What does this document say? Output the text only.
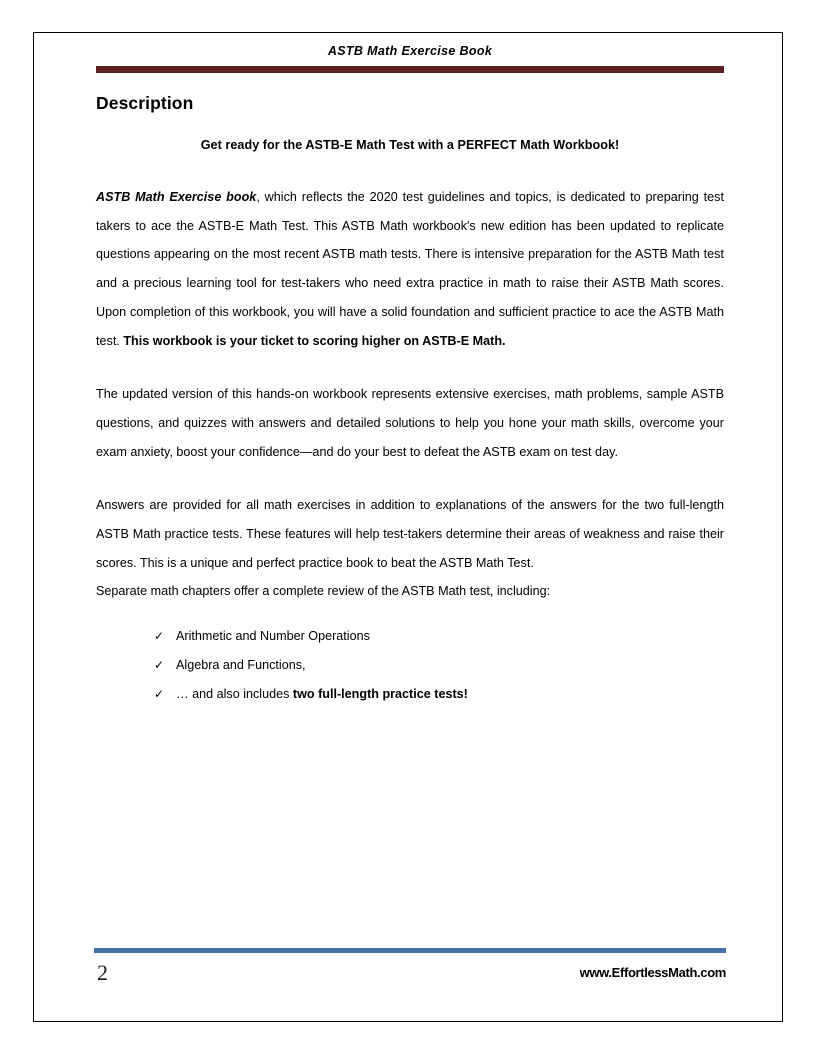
ASTB Math Exercise Book
Description
Get ready for the ASTB-E Math Test with a PERFECT Math Workbook!

ASTB Math Exercise book, which reflects the 2020 test guidelines and topics, is dedicated to preparing test takers to ace the ASTB-E Math Test. This ASTB Math workbook's new edition has been updated to replicate questions appearing on the most recent ASTB math tests. There is intensive preparation for the ASTB Math test and a precious learning tool for test-takers who need extra practice in math to raise their ASTB Math scores. Upon completion of this workbook, you will have a solid foundation and sufficient practice to ace the ASTB Math test. This workbook is your ticket to scoring higher on ASTB-E Math.

The updated version of this hands-on workbook represents extensive exercises, math problems, sample ASTB questions, and quizzes with answers and detailed solutions to help you hone your math skills, overcome your exam anxiety, boost your confidence—and do your best to defeat the ASTB exam on test day.

Answers are provided for all math exercises in addition to explanations of the answers for the two full-length ASTB Math practice tests. These features will help test-takers determine their areas of weakness and raise their scores. This is a unique and perfect practice book to beat the ASTB Math Test.

Separate math chapters offer a complete review of the ASTB Math test, including:
✓ Arithmetic and Number Operations
✓ Algebra and Functions,
✓ … and also includes two full-length practice tests!
2	www.EffortlessMath.com
